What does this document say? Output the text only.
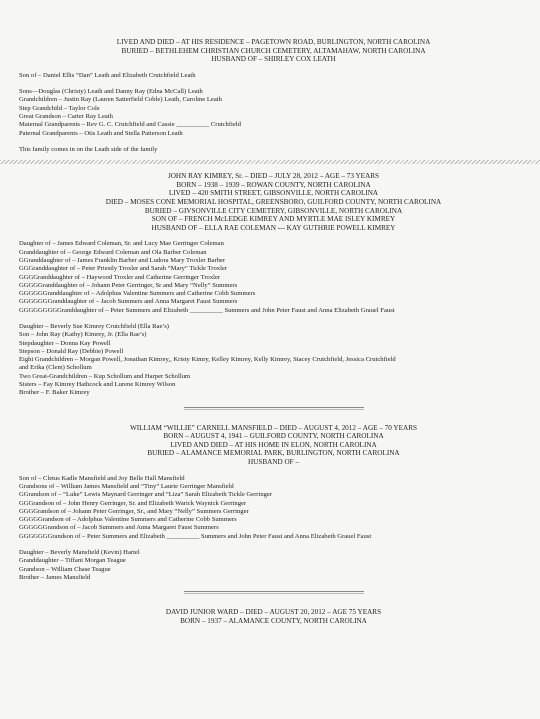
LIVED AND DIED – AT HIS RESIDENCE – PAGETOWN ROAD, BURLINGTON, NORTH CAROLINA
BURIED – BETHLEHEM CHRISTIAN CHURCH CEMETERY, ALTAMAHAW, NORTH CAROLINA
HUSBAND OF – SHIRLEY COX LEATH
Son of – Daniel Ellis “Dan” Leath and Elizabeth Crutchfield Leath
Sons—Douglas (Christy) Leath and Danny Ray (Edna McCall) Leath
Grandchildren – Justin Ray (Lauren Satterfield Coble) Leath, Caroline Leath
Step Grandchild – Taylor Cole
Great Grandson – Carter Ray Leath
Maternal Grandparents – Rev G. C. Crutchfield and Cassie __________ Crutchfield
Paternal Grandparents – Otis Leath and Stella Patterson Leath
This family comes in on the Leath side of the family
JOHN RAY KIMREY, Sr. – DIED – JULY 28, 2012 – AGE – 73 YEARS
BORN – 1938 – 1939 – ROWAN COUNTY, NORTH CAROLINA
LIVED – 420 SMITH STREET, GIBSONVILLE, NORTH CAROLINA
DIED – MOSES CONE MEMORIAL HOSPITAL, GREENSBORO, GUILFORD COUNTY, NORTH CAROLINA
BURIED – GIVSONVILLE CITY CEMETERY, GIBSONVILLE, NORTH CAROLINA
SON OF – FRENCH McLEDGE KIMREY AND MYRTLE MAE ISLEY KIMREY
HUSBAND OF – ELLA RAE COLEMAN --- KAY GUTHRIE POWELL KIMREY
Daughter of – James Edward Coleman, Sr. and Lucy Mae Gerringer Coleman
Granddaughter of – George Edward Coleman and Ola Barber Coleman
GGranddaughter of – James Franklin Barber and Ludora Mary Troxler Barber
GGGranddaughter of – Peter Priestly Troxler and Sarah “Mary” Tickle Troxler
GGGGranddaughter of – Haywood Troxler and Catherine Gerringer Troxler
GGGGGranddaughter of – Johann Peter Gerringer, Sr and Mary “Nelly” Summers
GGGGGGranddaughter of – Adolphus Valentine Summers and Catherine Cobb Summers
GGGGGGGranddaughter of – Jacob Summers and Anna Margaret Faust Summers
GGGGGGGGGranddaughter of – Peter Summers and Elizabeth __________ Summers and John Peter Faust and Anna Elizabeth Grauel Faust
Daughter – Beverly Sue Kimrey Crutchfield (Ella Rae’s)
Son – John Ray (Kathy) Kimrey, Jr. (Ella Rae’s)
Stepdaughter – Donna Kay Powell
Stepson – Donald Ray (Debbie) Powell
Eight Grandchildren – Morgan Powell, Jonathan Kimrey,, Kristy Kimry, Kelley Kimrey, Kelly Kimrey, Stacey Crutchfield, Jessica Crutchfield
and Erika (Clem) Schollum
Two Great-Grandchildren – Kup Schollum and Harper Schollum
Sisters – Fay Kimrey Hathcock and Lurene Kimrey Wilson
Brother – F. Baker Kimrey
WILLIAM “WILLIE” CARNELL MANSFIELD – DIED – AUGUST 4, 2012 – AGE – 70 YEARS
BORN – AUGUST 4, 1941 – GUILFORD COUNTY, NORTH CAROLINA
LIVED AND DIED – AT HIS HOME IN ELON, NORTH CAROLINA
BURIED – ALAMANCE MEMORIAL PARK, BURLINGTON, NORTH CAROLINA
HUSBAND OF –
Son of – Cletus Kadle Mansfield and Joy Belle Hall Mansfield
Grandsons of – William James Mansfield and “Tiny” Laurie Gerringer Mansfield
GGrandson of – “Luke” Lewis Maynard Gerringer and “Liza” Sarah Elizabeth Tickle Gerringer
GGGrandson of – John Henry Gerringer, Sr. and Elizabeth Warick Waynick Gerringer
GGGGrandson of – Johann Peter Gerringer, Sr., and Mary “Nelly” Summers Gerringer
GGGGGrandson of – Adolphus Valentine Summers and Catherine Cobb Summers
GGGGGGrandson of – Jacob Summers and Anna Margaret Faust Summers
GGGGGGGrandson of – Peter Summers and Elizabeth __________ Summers and John Peter Faust and Anna Elizabeth Grauel Faust
Daughter – Beverly Mansfield (Kevin) Hartel
Granddaughter – Tiffani Morgan Teague
Grandson – William Chase Teague
Brother – James Mansfield
DAVID JUNIOR WARD – DIED – AUGUST 20, 2012 – AGE 75 YEARS
BORN – 1937 – ALAMANCE COUNTY, NORTH CAROLINA
